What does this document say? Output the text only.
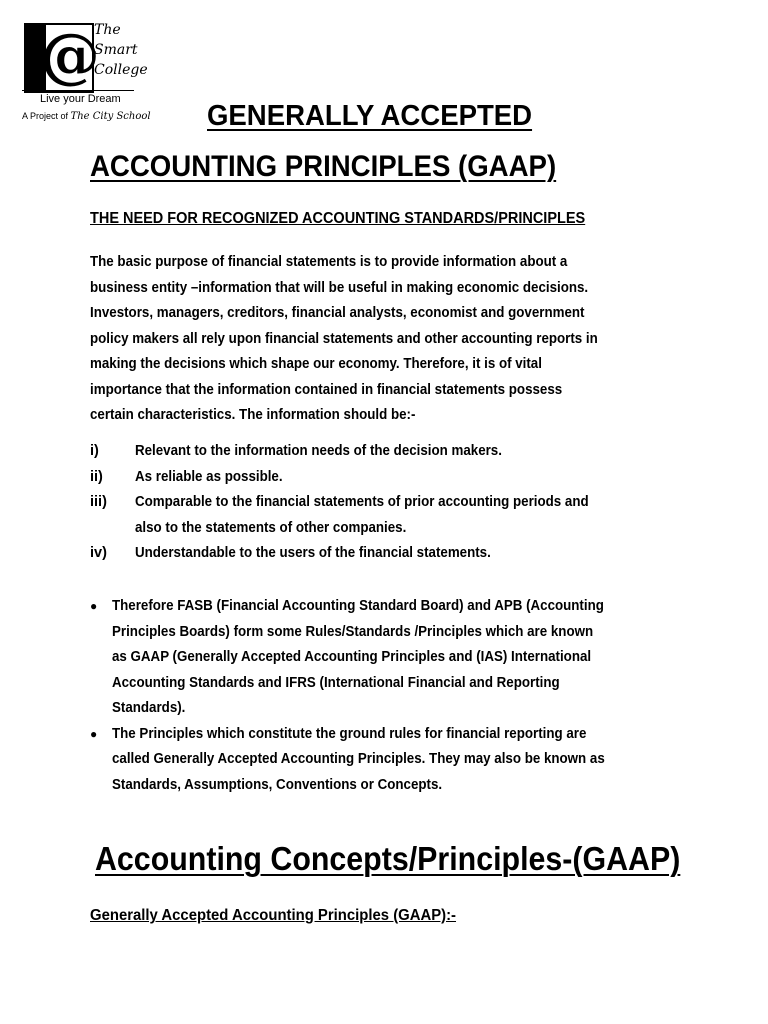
@
The
Smart
College
Live your Dream
A Project of The City School GENERALLY ACCEPTED
ACCOUNTING PRINCIPLES (GAAP)
THE NEED FOR RECOGNIZED ACCOUNTING STANDARDS/PRINCIPLES
The basic purpose of financial statements is to provide information about a
business entity –information that will be useful in making economic decisions.
Investors, managers, creditors, financial analysts, economist and government
policy makers all rely upon financial statements and other accounting reports in
making the decisions which shape our economy. Therefore, it is of vital
importance that the information contained in financial statements possess
certain characteristics. The information should be:-
i) Relevant to the information needs of the decision makers.
ii) As reliable as possible.
iii) Comparable to the financial statements of prior accounting periods and
also to the statements of other companies.
iv) Understandable to the users of the financial statements.
● Therefore FASB (Financial Accounting Standard Board) and APB (Accounting
Principles Boards) form some Rules/Standards /Principles which are known
as GAAP (Generally Accepted Accounting Principles and (IAS) International
Accounting Standards and IFRS (International Financial and Reporting
Standards).
● The Principles which constitute the ground rules for financial reporting are
called Generally Accepted Accounting Principles. They may also be known as
Standards, Assumptions, Conventions or Concepts.
Accounting Concepts/Principles-(GAAP)
Generally Accepted Accounting Principles (GAAP):-
